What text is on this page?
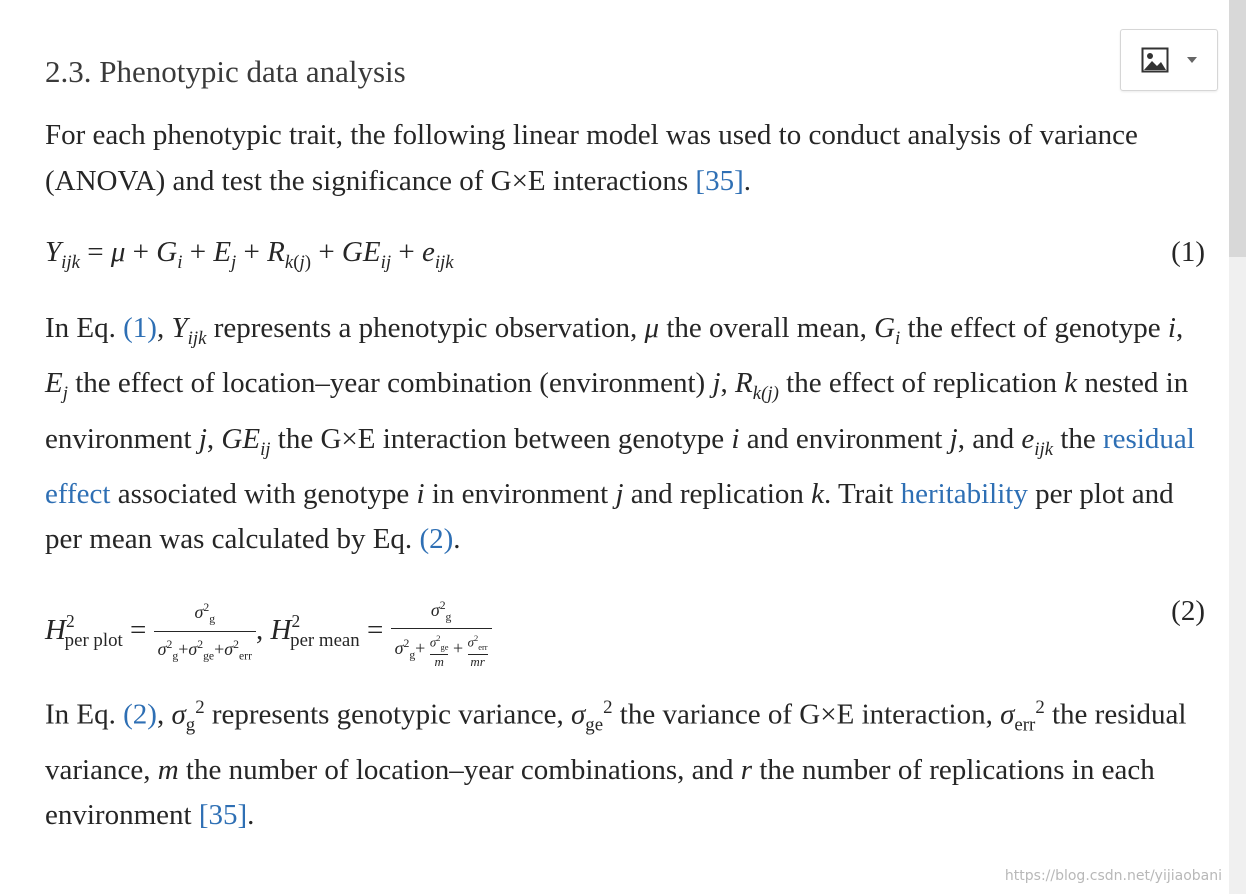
2.3. Phenotypic data analysis

For each phenotypic trait, the following linear model was used to conduct analysis of variance (ANOVA) and test the significance of G×E interactions [35].

$Y_{ijk} = \mu + G_i + E_j + R_{k(j)} + GE_{ij} + e_{ijk}$	(1)

In Eq. (1), $Y_{ijk}$ represents a phenotypic observation, μ the overall mean, $G_i$ the effect of genotype i, $E_j$ the effect of location–year combination (environment) j, $R_{k(j)}$ the effect of replication k nested in environment j, $GE_{ij}$ the G×E interaction between genotype i and environment j, and $e_{ijk}$ the residual effect associated with genotype i in environment j and replication k. Trait heritability per plot and per mean was calculated by Eq. (2).

$H^2_{per plot} = \frac{\sigma^2_g}{\sigma^2_g+\sigma^2_{ge}+\sigma^2_{err}}$ , $H^2_{per mean} = \sigma^2_g$
$\sigma^2_g+ \frac{\sigma^2_{ge}}{m} + \sigma^2_{err}$
mr	(2)

In Eq. (2), $\sigma_g^2$ represents genotypic variance, $\sigma_{ge}^2$ the variance of G×E interaction, $\sigma_{err}^2$ the residual variance, m the number of location–year combinations, and r the number of replications in each environment [35].

https://blog.csdn.net/yijiaobani
